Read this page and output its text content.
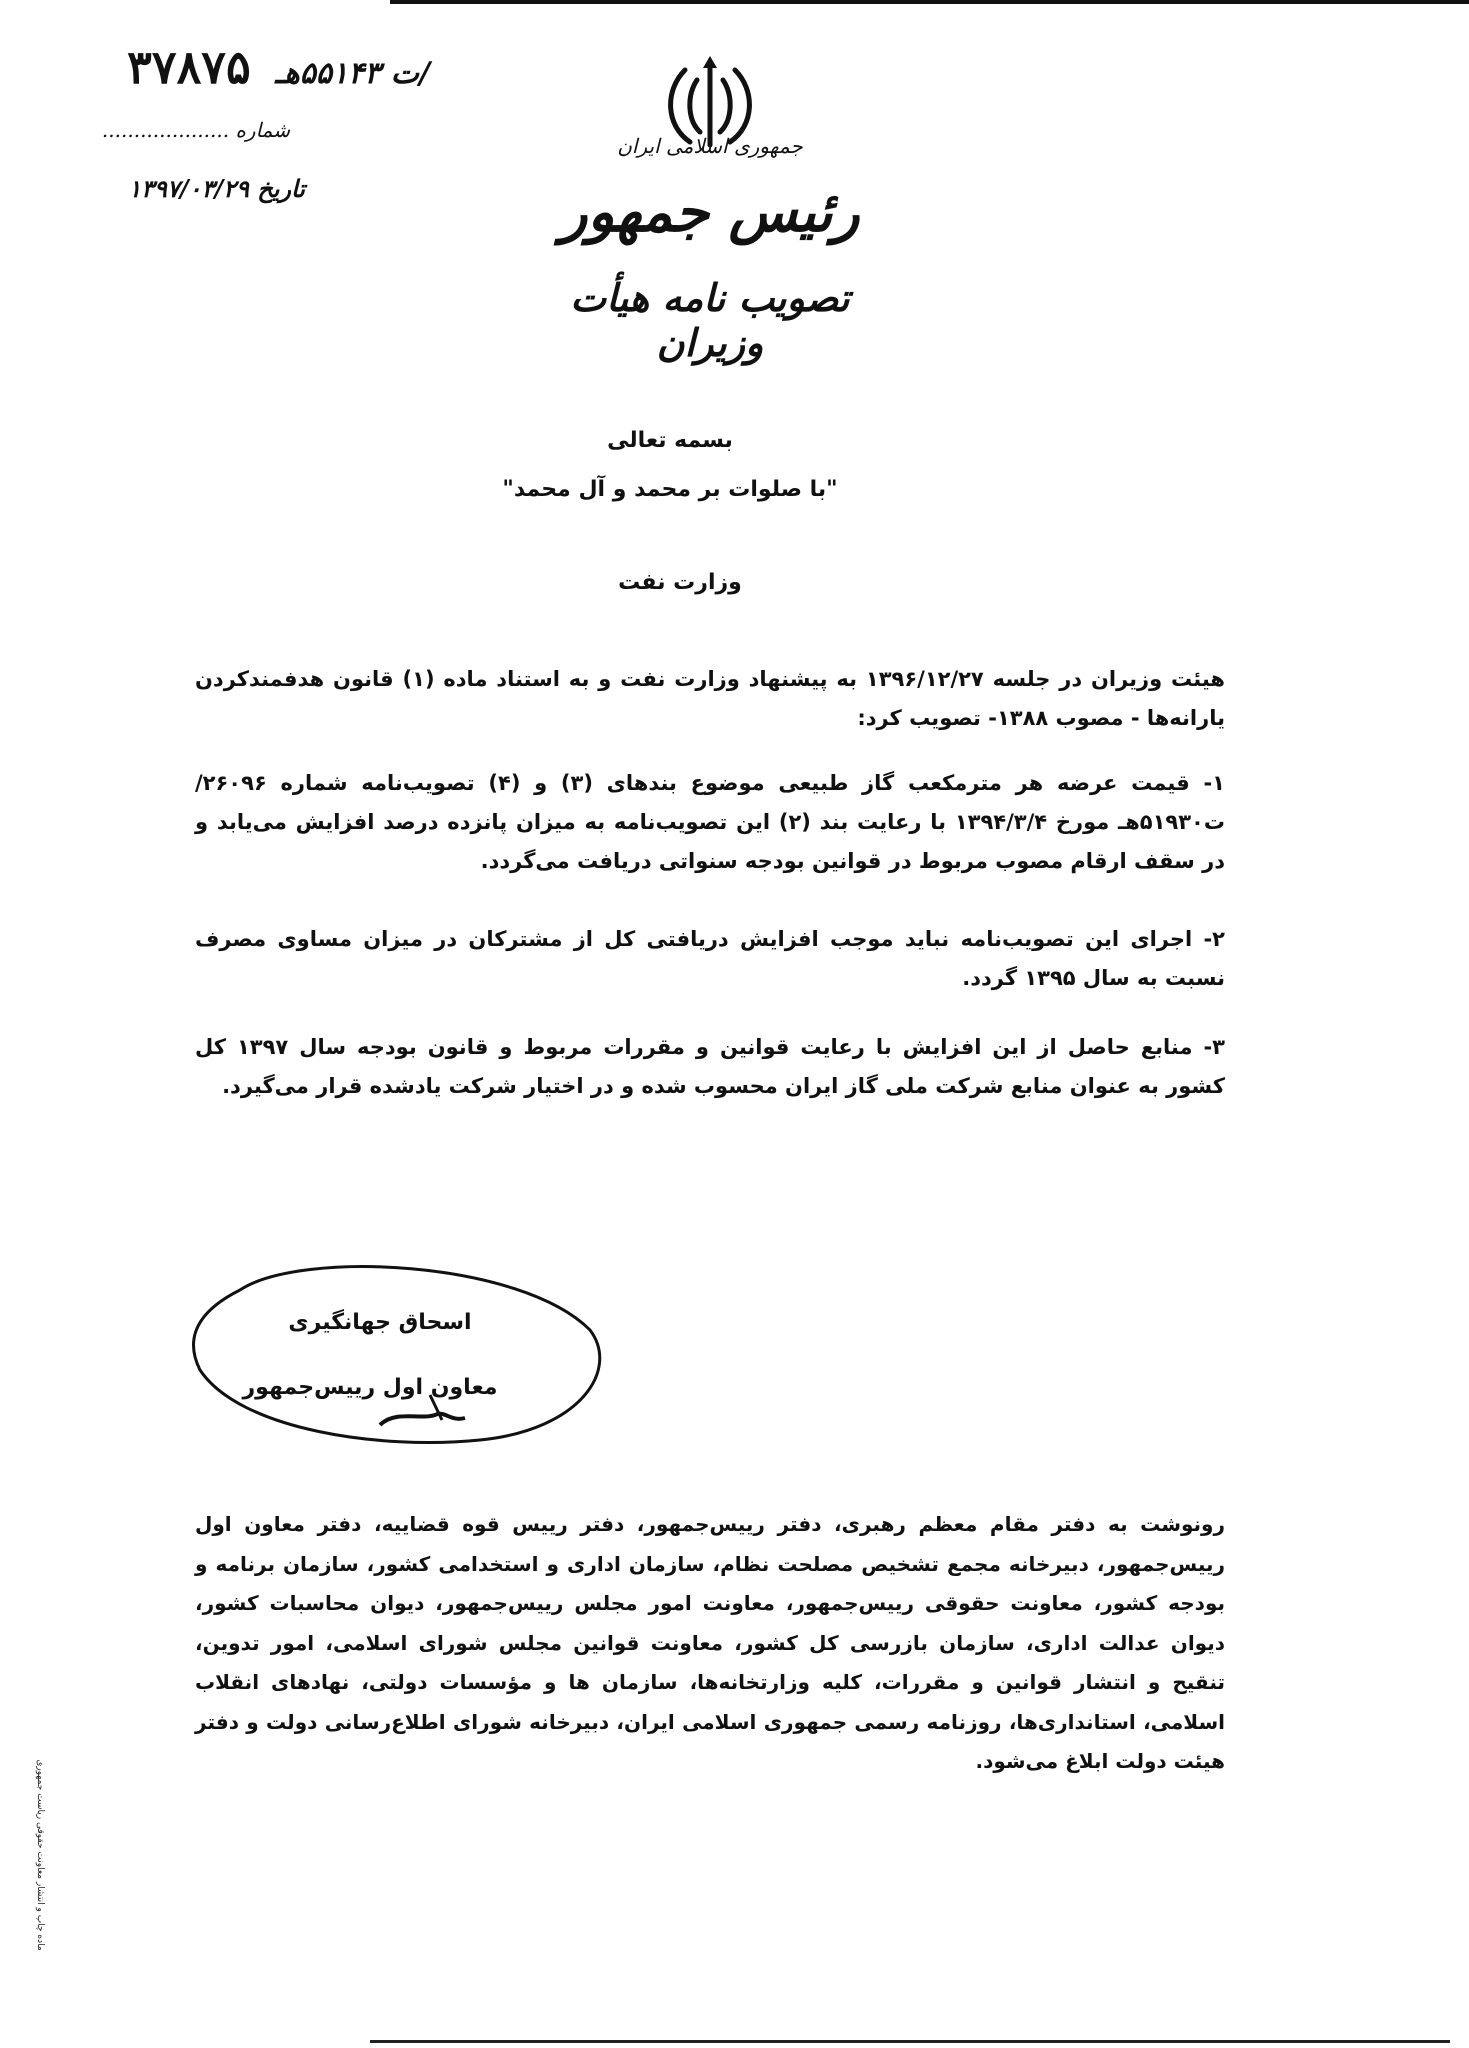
/ت ۵۵۱۴۳هـ ۳۷۸۷۵
شماره ....................
تاریخ ۱۳۹۷/۰۳/۲۹
جمهوری اسلامی ایران
رئیس جمهور
تصویب نامه هیأت وزیران
بسمه تعالی
"با صلوات بر محمد و آل محمد"
وزارت نفت
هیئت وزیران در جلسه ۱۳۹۶/۱۲/۲۷ به پیشنهاد وزارت نفت و به استناد ماده (۱) قانون هدفمندکردن یارانه‌ها - مصوب ۱۳۸۸- تصویب کرد:
۱- قیمت عرضه هر مترمکعب گاز طبیعی موضوع بندهای (۳) و (۴) تصویب‌نامه شماره ۲۶۰۹۶/ت۵۱۹۳۰هـ مورخ ۱۳۹۴/۳/۴ با رعایت بند (۲) این تصویب‌نامه به میزان پانزده درصد افزایش می‌یابد و در سقف ارقام مصوب مربوط در قوانین بودجه سنواتی دریافت می‌گردد.
۲- اجرای این تصویب‌نامه نباید موجب افزایش دریافتی کل از مشترکان در میزان مساوی مصرف نسبت به سال ۱۳۹۵ گردد.
۳- منابع حاصل از این افزایش با رعایت قوانین و مقررات مربوط و قانون بودجه سال ۱۳۹۷ کل کشور به عنوان منابع شرکت ملی گاز ایران محسوب شده و در اختیار شرکت یادشده قرار می‌گیرد.
اسحاق جهانگیری
معاون اول رییس‌جمهور
رونوشت به دفتر مقام معظم رهبری، دفتر رییس‌جمهور، دفتر رییس قوه قضاییه، دفتر معاون اول رییس‌جمهور، دبیرخانه مجمع تشخیص مصلحت نظام، سازمان اداری و استخدامی کشور، سازمان برنامه و بودجه کشور، معاونت حقوقی رییس‌جمهور، معاونت امور مجلس رییس‌جمهور، دیوان محاسبات کشور، دیوان عدالت اداری، سازمان بازرسی کل کشور، معاونت قوانین مجلس شورای اسلامی، امور تدوین، تنقیح و انتشار قوانین و مقررات، کلیه وزارتخانه‌ها، سازمان ها و مؤسسات دولتی، نهادهای انقلاب اسلامی، استانداری‌ها، روزنامه رسمی جمهوری اسلامی ایران، دبیرخانه شورای اطلاع‌رسانی دولت و دفتر هیئت دولت ابلاغ می‌شود.
ماده چاپ و انتشار معاونت حقوقی ریاست جمهوری
